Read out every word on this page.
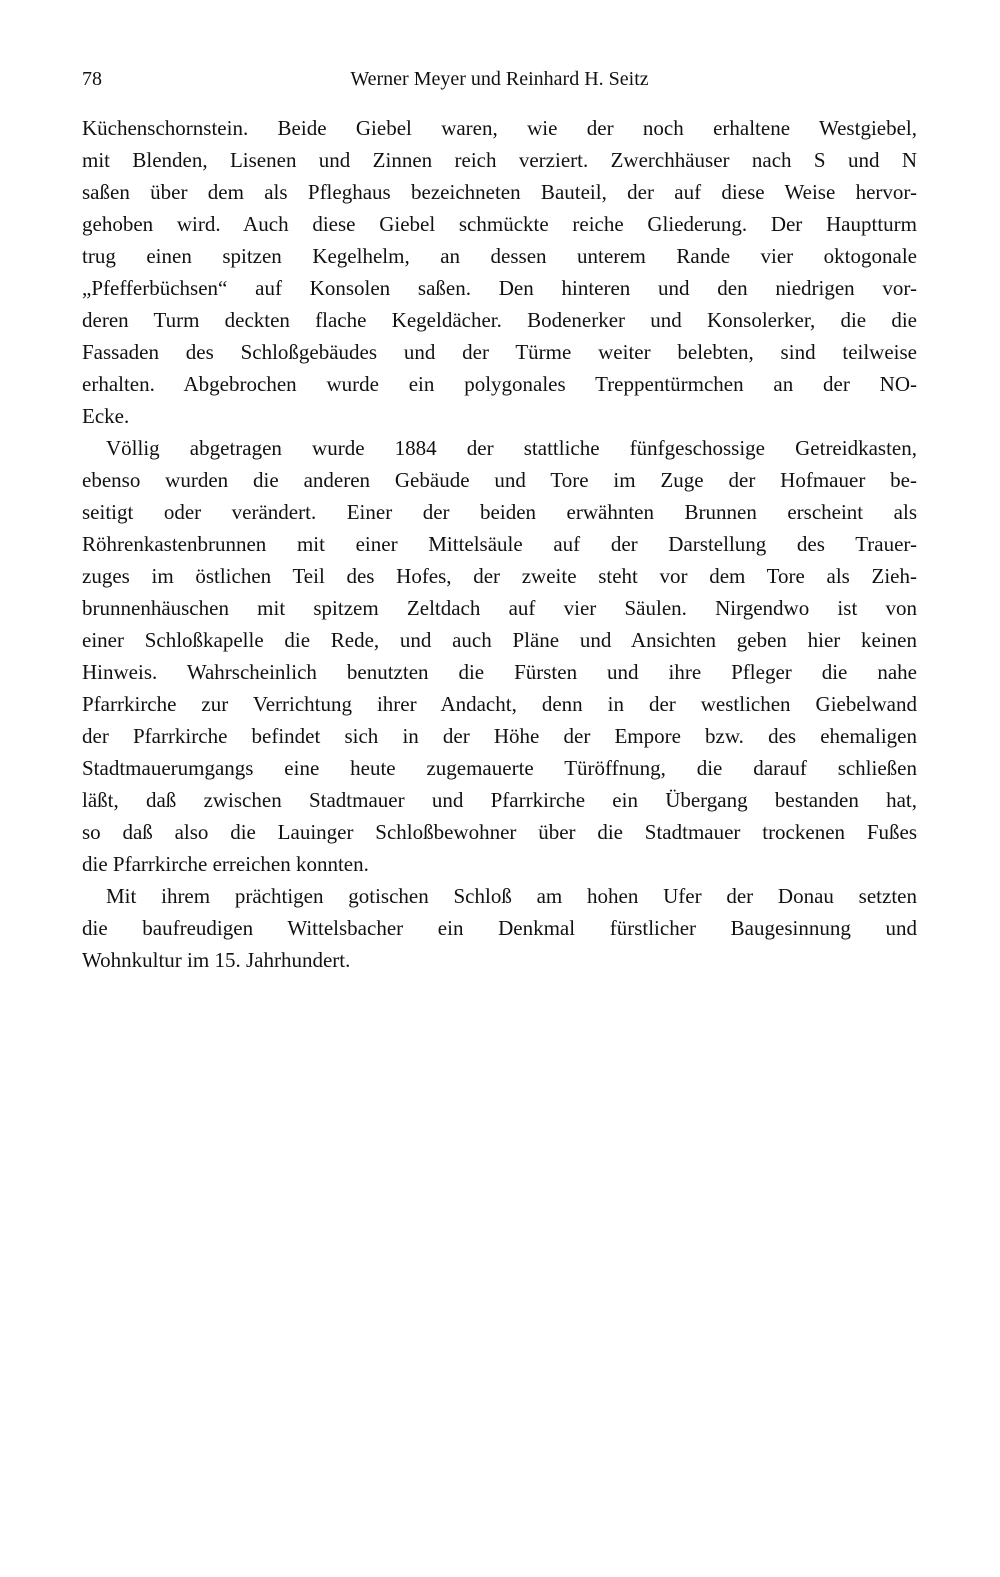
78	Werner Meyer und Reinhard H. Seitz
Küchenschornstein. Beide Giebel waren, wie der noch erhaltene Westgiebel,
mit Blenden, Lisenen und Zinnen reich verziert. Zwerchhäuser nach S und N
saßen über dem als Pfleghaus bezeichneten Bauteil, der auf diese Weise hervor-
gehoben wird. Auch diese Giebel schmückte reiche Gliederung. Der Hauptturm
trug einen spitzen Kegelhelm, an dessen unterem Rande vier oktogonale
„Pfefferbüchsen“ auf Konsolen saßen. Den hinteren und den niedrigen vor-
deren Turm deckten flache Kegeldächer. Bodenerker und Konsolerker, die die
Fassaden des Schloßgebäudes und der Türme weiter belebten, sind teilweise
erhalten. Abgebrochen wurde ein polygonales Treppentürmchen an der NO-
Ecke.
Völlig abgetragen wurde 1884 der stattliche fünfgeschossige Getreidkasten,
ebenso wurden die anderen Gebäude und Tore im Zuge der Hofmauer be-
seitigt oder verändert. Einer der beiden erwähnten Brunnen erscheint als
Röhrenkastenbrunnen mit einer Mittelsäule auf der Darstellung des Trauer-
zuges im östlichen Teil des Hofes, der zweite steht vor dem Tore als Zieh-
brunnenhäuschen mit spitzem Zeltdach auf vier Säulen. Nirgendwo ist von
einer Schloßkapelle die Rede, und auch Pläne und Ansichten geben hier keinen
Hinweis. Wahrscheinlich benutzten die Fürsten und ihre Pfleger die nahe
Pfarrkirche zur Verrichtung ihrer Andacht, denn in der westlichen Giebelwand
der Pfarrkirche befindet sich in der Höhe der Empore bzw. des ehemaligen
Stadtmauerumgangs eine heute zugemauerte Türöffnung, die darauf schließen
läßt, daß zwischen Stadtmauer und Pfarrkirche ein Übergang bestanden hat,
so daß also die Lauinger Schloßbewohner über die Stadtmauer trockenen Fußes
die Pfarrkirche erreichen konnten.
Mit ihrem prächtigen gotischen Schloß am hohen Ufer der Donau setzten
die baufreudigen Wittelsbacher ein Denkmal fürstlicher Baugesinnung und
Wohnkultur im 15. Jahrhundert.
